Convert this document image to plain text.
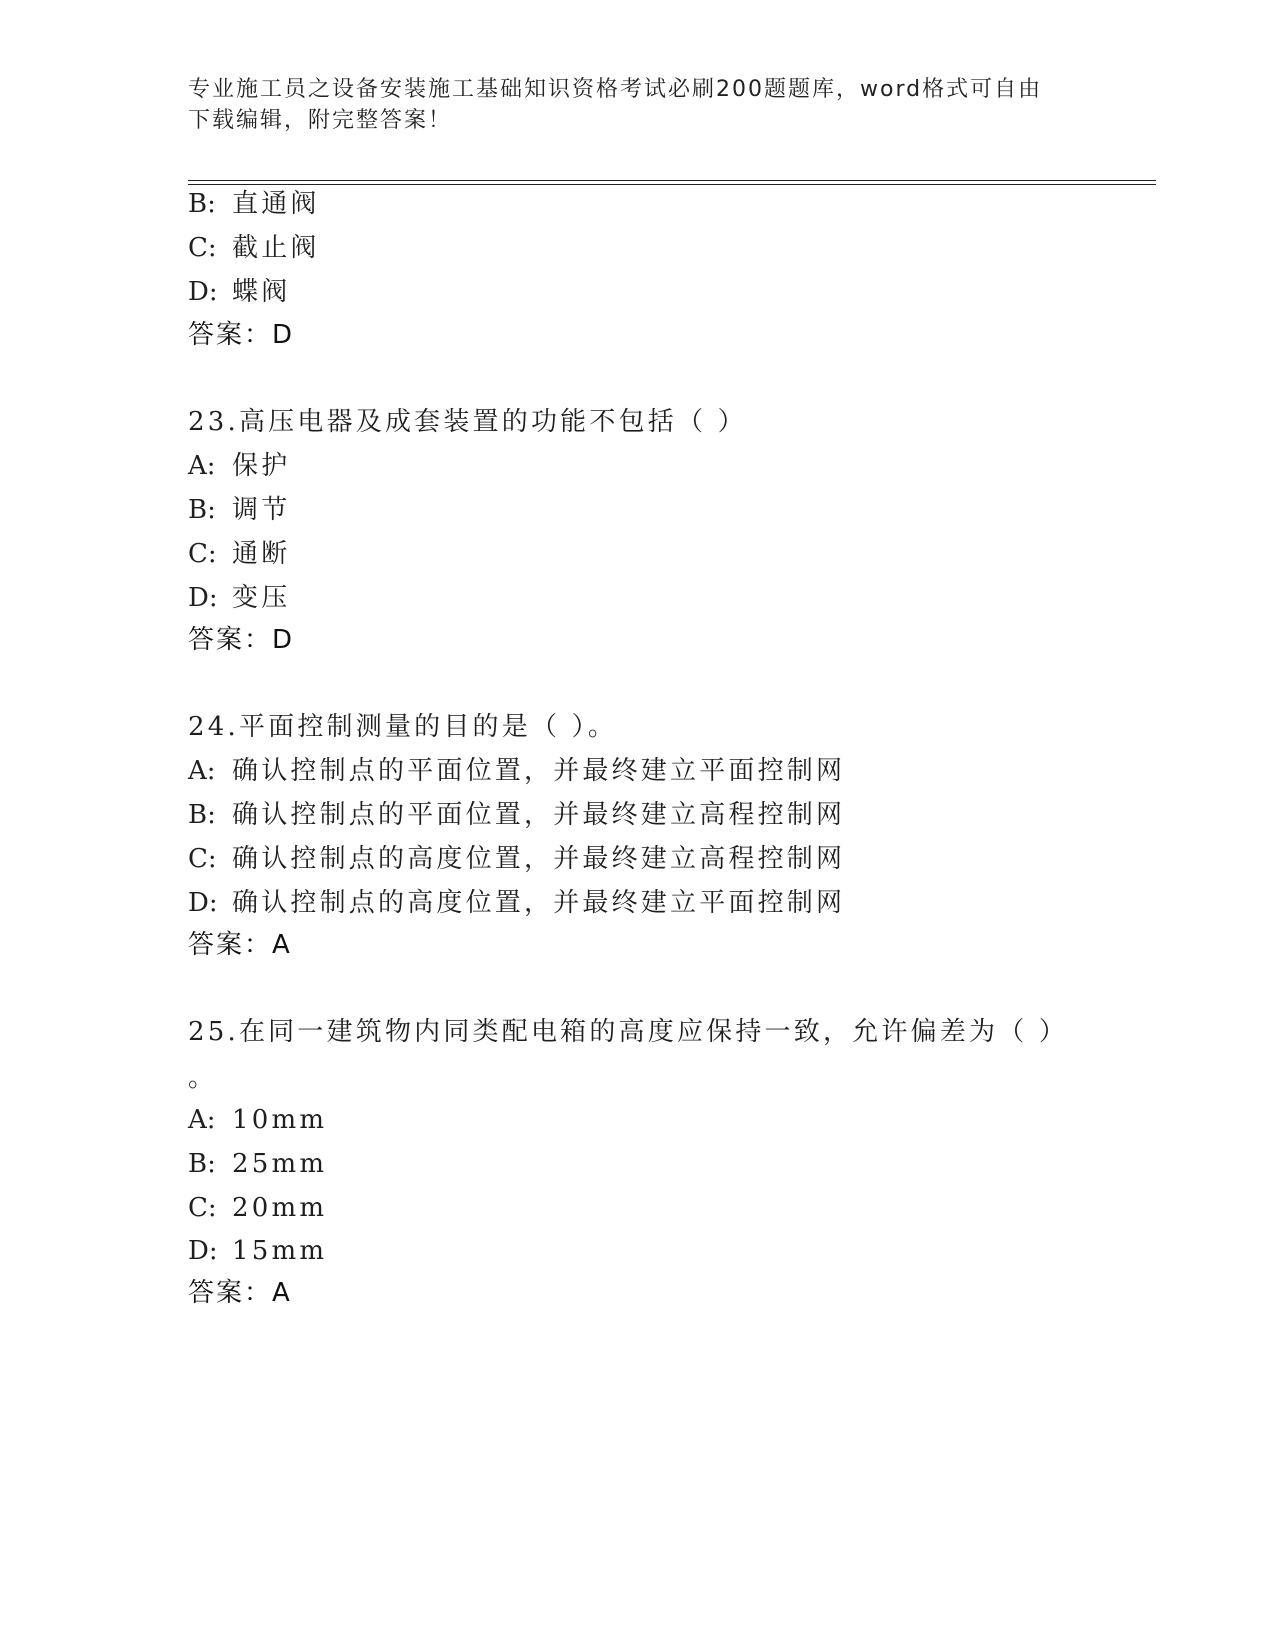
专业施工员之设备安装施工基础知识资格考试必刷200题题库，word格式可自由
下载编辑，附完整答案！
B: 直通阀
C: 截止阀
D: 蝶阀
答案：D
23.高压电器及成套装置的功能不包括（ ）
A: 保护
B: 调节
C: 通断
D: 变压
答案：D
24.平面控制测量的目的是（ ）。
A: 确认控制点的平面位置，并最终建立平面控制网
B: 确认控制点的平面位置，并最终建立高程控制网
C: 确认控制点的高度位置，并最终建立高程控制网
D: 确认控制点的高度位置，并最终建立平面控制网
答案：A
25.在同一建筑物内同类配电箱的高度应保持一致，允许偏差为（ ）
。
A: 10mm
B: 25mm
C: 20mm
D: 15mm
答案：A
